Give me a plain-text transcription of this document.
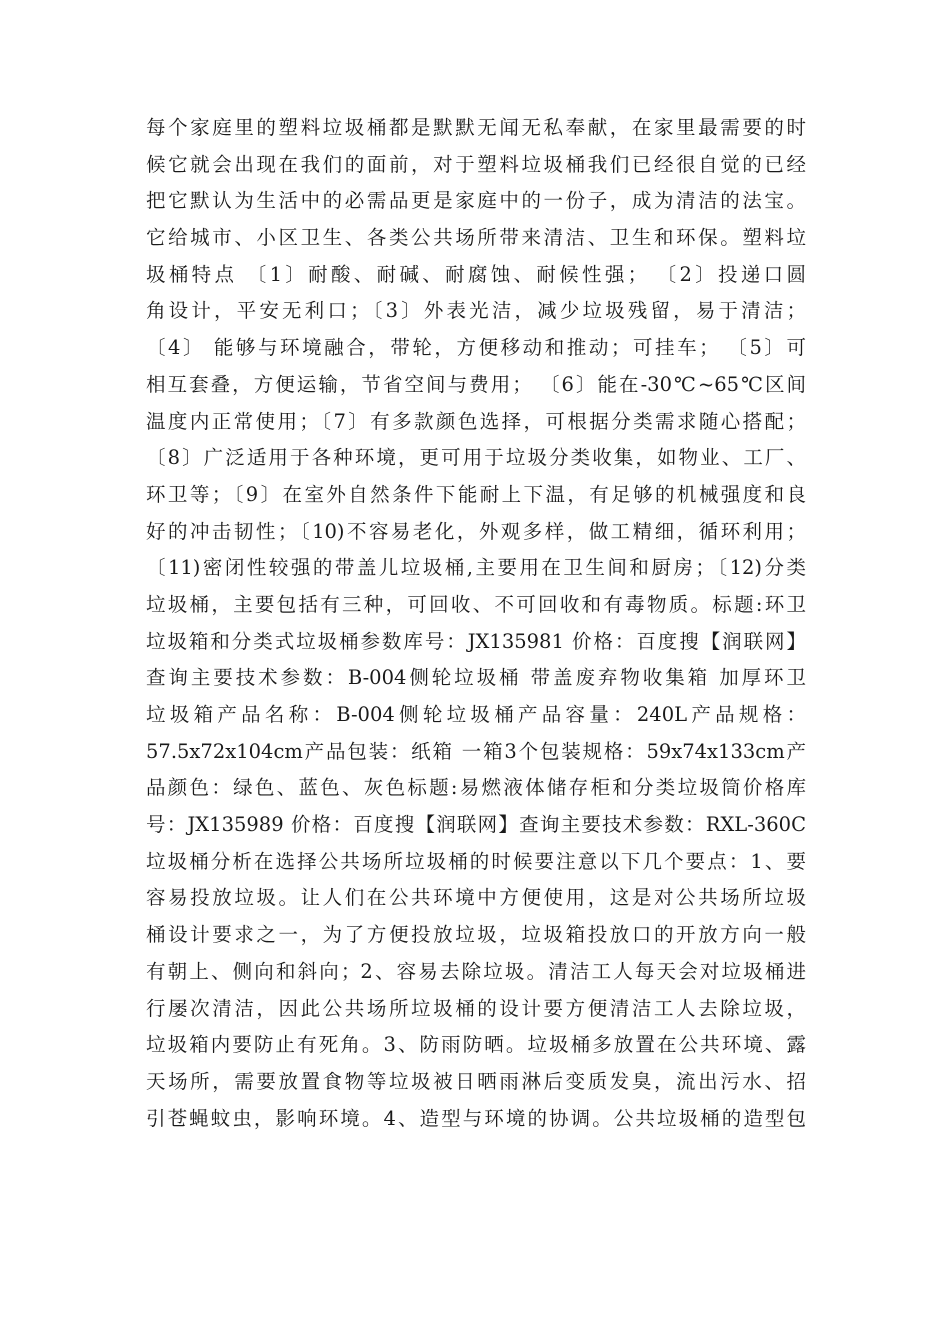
每个家庭里的塑料垃圾桶都是默默无闻无私奉献，在家里最需要的时
候它就会出现在我们的面前，对于塑料垃圾桶我们已经很自觉的已经
把它默认为生活中的必需品更是家庭中的一份子，成为清洁的法宝。
它给城市、小区卫生、各类公共场所带来清洁、卫生和环保。塑料垃
圾桶特点 〔1〕耐酸、耐碱、耐腐蚀、耐候性强； 〔2〕投递口圆
角设计，平安无利口；〔3〕外表光洁，减少垃圾残留，易于清洁；
〔4〕 能够与环境融合，带轮，方便移动和推动；可挂车； 〔5〕可
相互套叠，方便运输，节省空间与费用； 〔6〕能在-30℃~65℃区间
温度内正常使用；〔7〕有多款颜色选择，可根据分类需求随心搭配；
〔8〕广泛适用于各种环境，更可用于垃圾分类收集，如物业、工厂、
环卫等；〔9〕在室外自然条件下能耐上下温，有足够的机械强度和良
好的冲击韧性；〔10)不容易老化，外观多样，做工精细，循环利用；
〔11)密闭性较强的带盖儿垃圾桶,主要用在卫生间和厨房；〔12)分类
垃圾桶，主要包括有三种，可回收、不可回收和有毒物质。标题:环卫
垃圾箱和分类式垃圾桶参数库号：JX135981 价格：百度搜【润联网】
查询主要技术参数：B-004侧轮垃圾桶 带盖废弃物收集箱 加厚环卫
垃圾箱产品名称：B-004侧轮垃圾桶产品容量：240L产品规格：
57.5x72x104cm产品包装：纸箱 一箱3个包装规格：59x74x133cm产
品颜色：绿色、蓝色、灰色标题:易燃液体储存柜和分类垃圾筒价格库
号：JX135989 价格：百度搜【润联网】查询主要技术参数：RXL-360C
垃圾桶分析在选择公共场所垃圾桶的时候要注意以下几个要点：1、要
容易投放垃圾。让人们在公共环境中方便使用，这是对公共场所垃圾
桶设计要求之一，为了方便投放垃圾，垃圾箱投放口的开放方向一般
有朝上、侧向和斜向；2、容易去除垃圾。清洁工人每天会对垃圾桶进
行屡次清洁，因此公共场所垃圾桶的设计要方便清洁工人去除垃圾，
垃圾箱内要防止有死角。3、防雨防晒。垃圾桶多放置在公共环境、露
天场所，需要放置食物等垃圾被日晒雨淋后变质发臭，流出污水、招
引苍蝇蚊虫，影响环境。4、造型与环境的协调。公共垃圾桶的造型包
